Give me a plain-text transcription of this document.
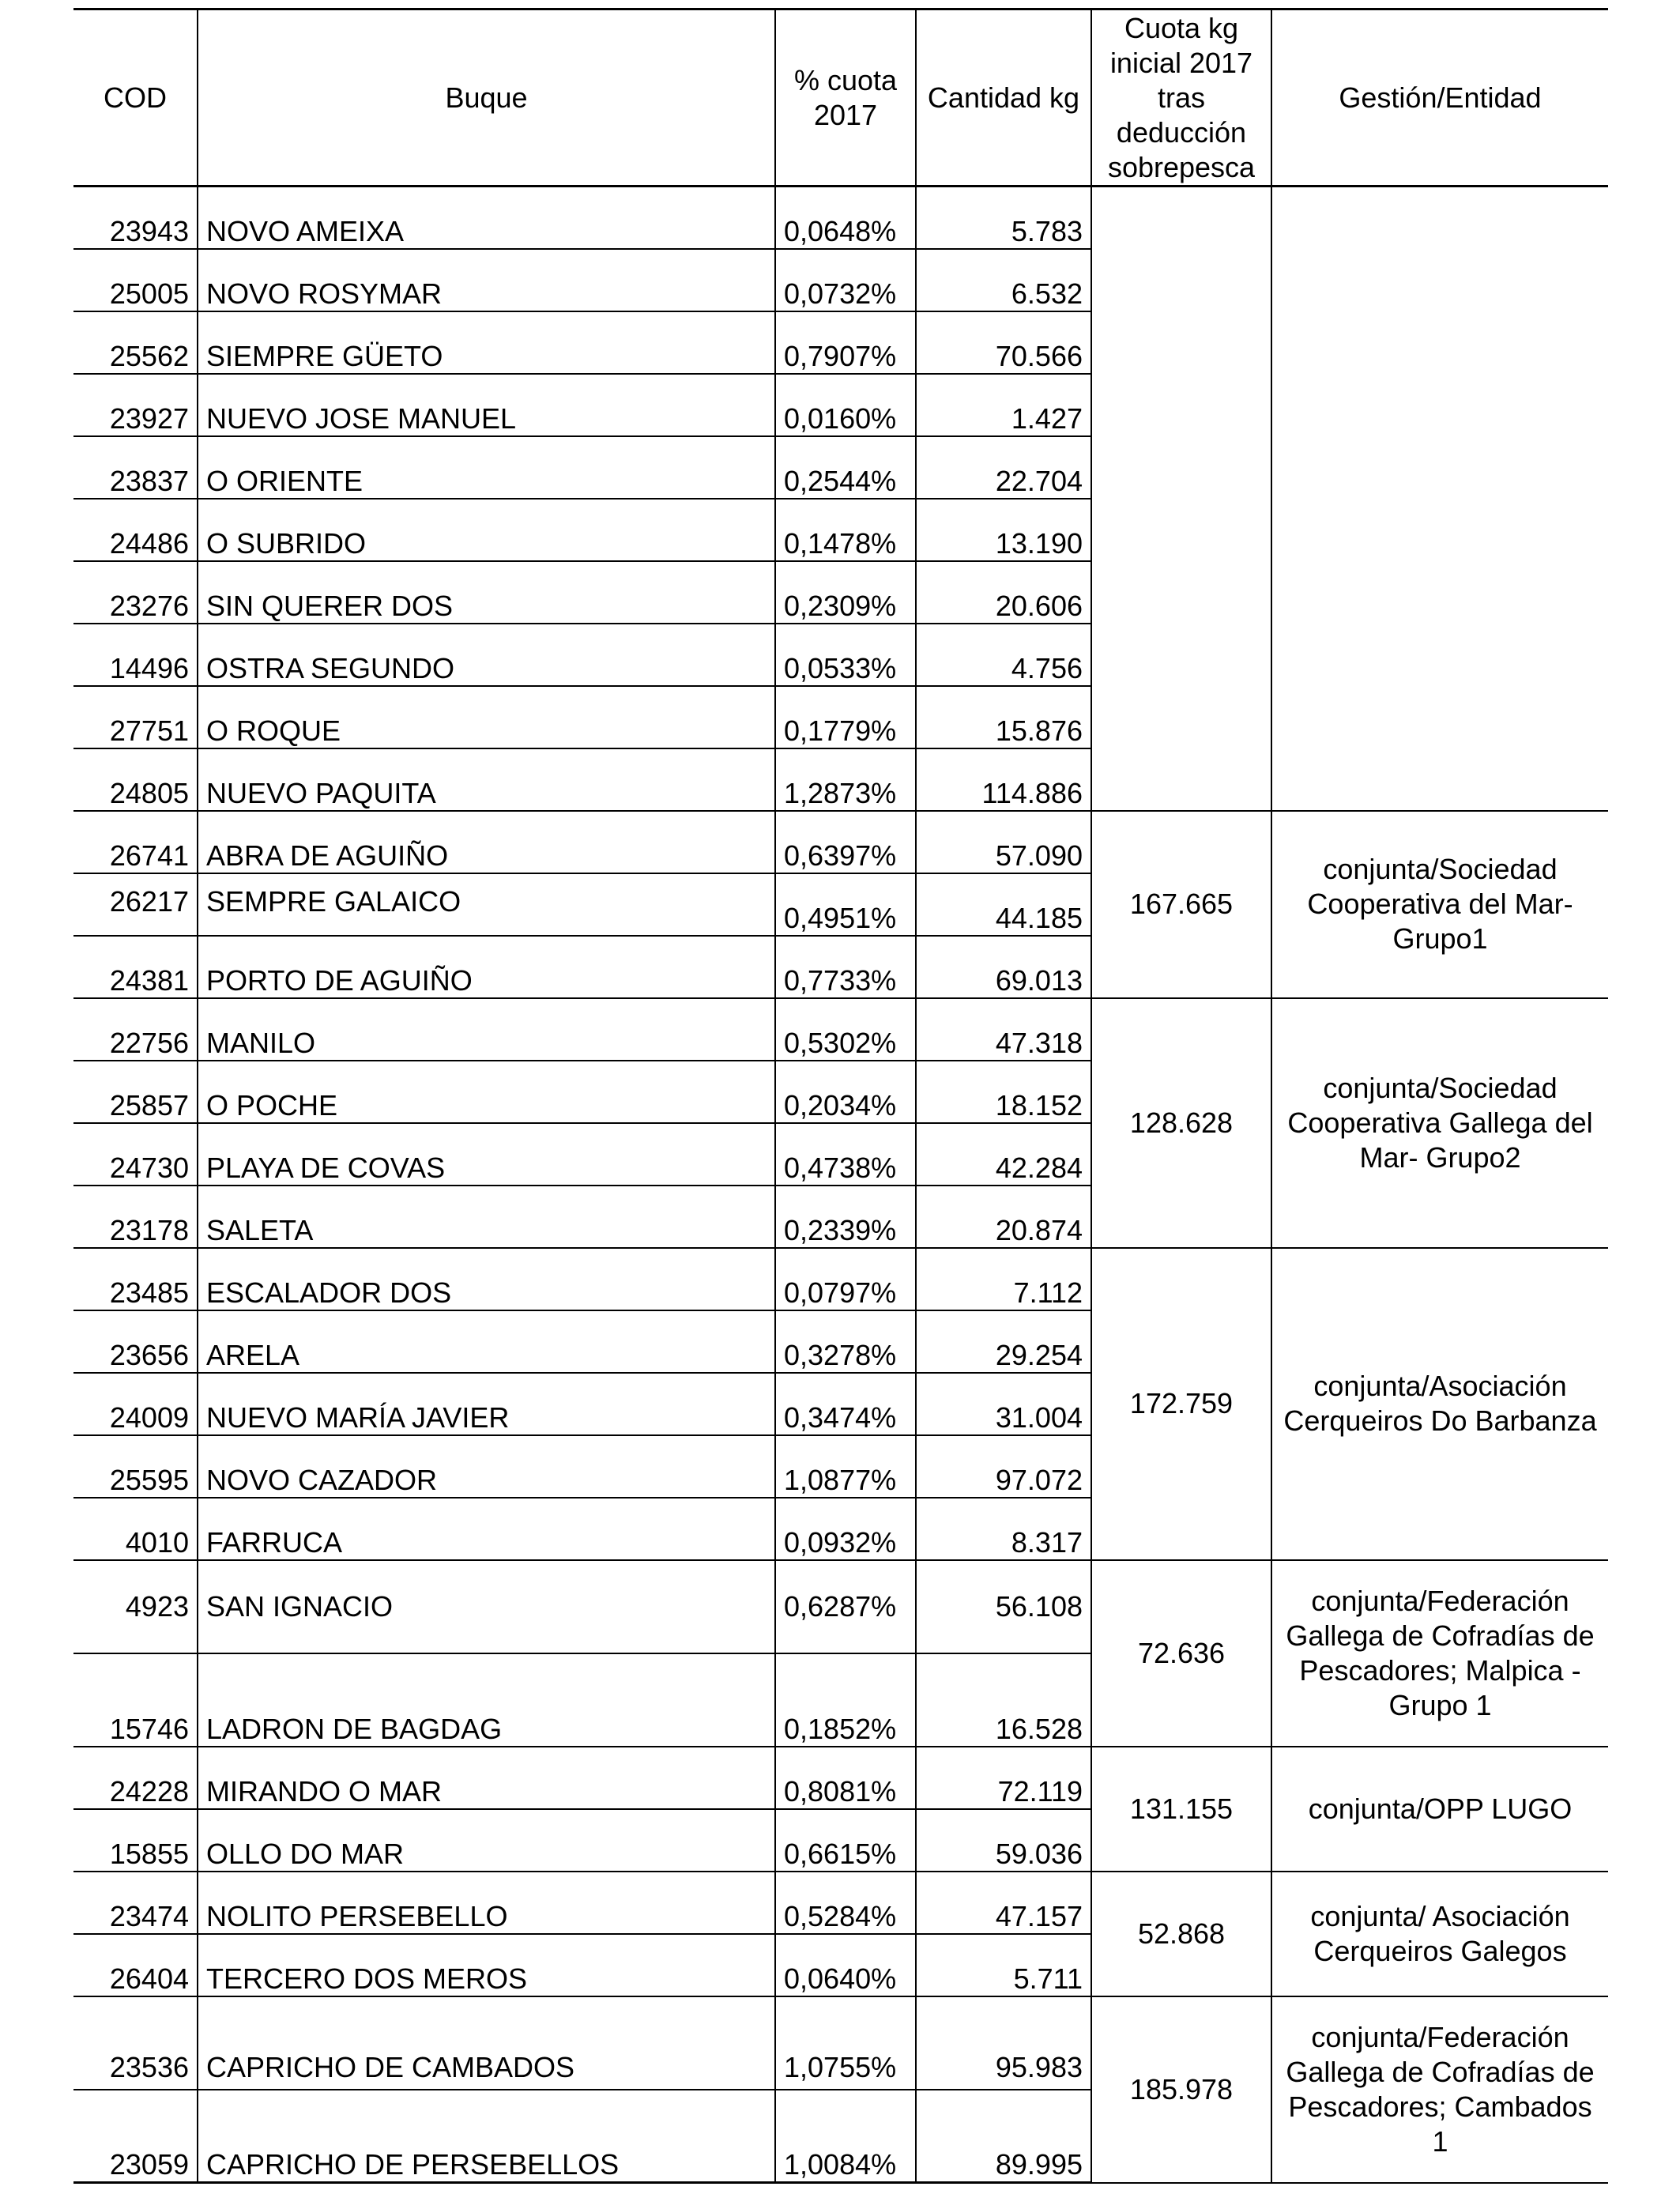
COD	Buque	% cuota 2017	Cantidad kg	Cuota kg inicial 2017 tras deducción sobrepesca	Gestión/Entidad
23943	NOVO AMEIXA	0,0648%	5.783		
25005	NOVO ROSYMAR	0,0732%	6.532		
25562	SIEMPRE GÜETO	0,7907%	70.566		
23927	NUEVO JOSE MANUEL	0,0160%	1.427		
23837	O ORIENTE	0,2544%	22.704		
24486	O SUBRIDO	0,1478%	13.190		
23276	SIN QUERER DOS	0,2309%	20.606		
14496	OSTRA SEGUNDO	0,0533%	4.756		
27751	O ROQUE	0,1779%	15.876		
24805	NUEVO PAQUITA	1,2873%	114.886		
26741	ABRA DE AGUIÑO	0,6397%	57.090	167.665	conjunta/Sociedad Cooperativa del Mar- Grupo1
26217	SEMPRE GALAICO	0,4951%	44.185		
24381	PORTO DE AGUIÑO	0,7733%	69.013		
22756	MANILO	0,5302%	47.318	128.628	conjunta/Sociedad Cooperativa Gallega del Mar- Grupo2
25857	O POCHE	0,2034%	18.152		
24730	PLAYA DE COVAS	0,4738%	42.284		
23178	SALETA	0,2339%	20.874		
23485	ESCALADOR DOS	0,0797%	7.112	172.759	conjunta/Asociación Cerqueiros Do Barbanza
23656	ARELA	0,3278%	29.254		
24009	NUEVO MARÍA JAVIER	0,3474%	31.004		
25595	NOVO CAZADOR	1,0877%	97.072		
4010	FARRUCA	0,0932%	8.317		
4923	SAN IGNACIO	0,6287%	56.108	72.636	conjunta/Federación Gallega de Cofradías de Pescadores; Malpica - Grupo 1
15746	LADRON DE BAGDAG	0,1852%	16.528		
24228	MIRANDO O MAR	0,8081%	72.119	131.155	conjunta/OPP LUGO
15855	OLLO DO MAR	0,6615%	59.036		
23474	NOLITO PERSEBELLO	0,5284%	47.157	52.868	conjunta/ Asociación Cerqueiros Galegos
26404	TERCERO DOS MEROS	0,0640%	5.711		
23536	CAPRICHO DE CAMBADOS	1,0755%	95.983	185.978	conjunta/Federación Gallega de Cofradías de Pescadores; Cambados 1
23059	CAPRICHO DE PERSEBELLOS	1,0084%	89.995		
